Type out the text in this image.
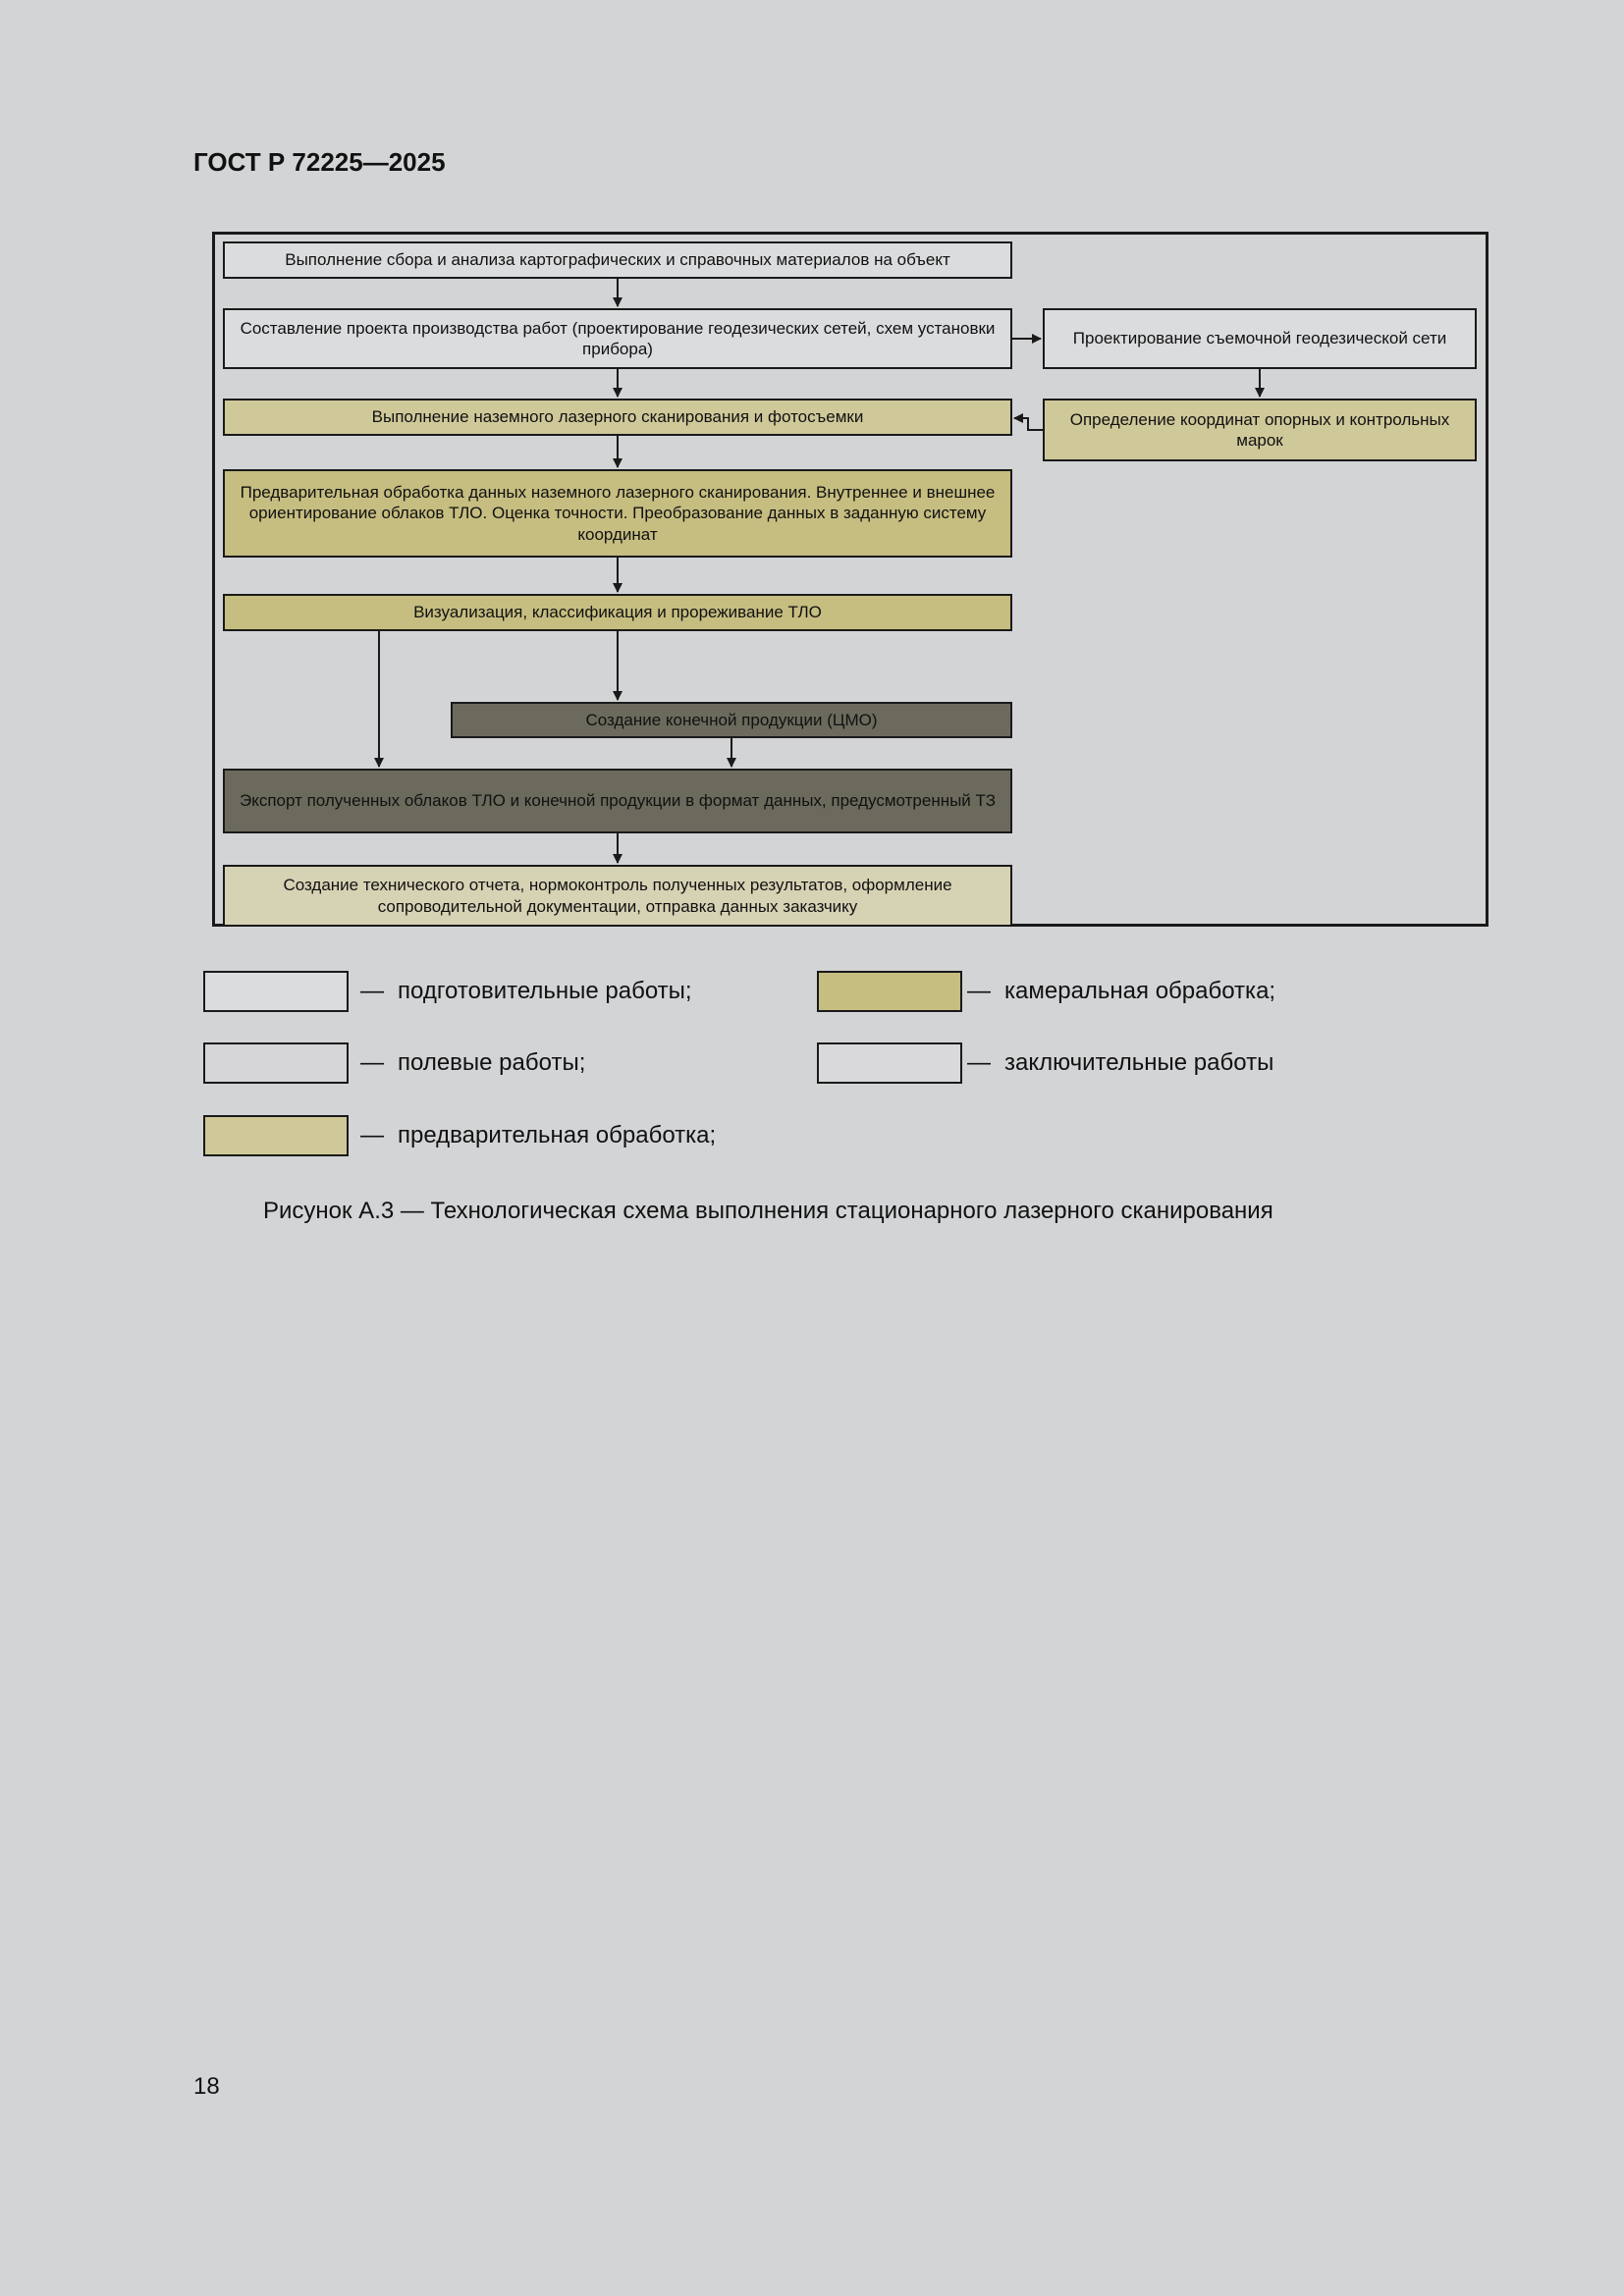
ГОСТ Р 72225—2025
Выполнение сбора и анализа картографических и справочных материалов на объект
Составление проекта производства работ (проектирование геодезических сетей, схем установки прибора)
Проектирование съемочной геодезической сети
Выполнение наземного лазерного сканирования и фотосъемки	Определение координат опорных и контрольных марок
Предварительная обработка данных наземного лазерного сканирования. Внутреннее и внешнее ориентирование облаков ТЛО. Оценка точности. Преобразование данных в заданную систему координат
Визуализация, классификация и прореживание ТЛО
Создание конечной продукции (ЦМО)
Экспорт полученных облаков ТЛО и конечной продукции в формат данных, предусмотренный ТЗ
Создание технического отчета, нормоконтроль полученных результатов, оформление сопроводительной документации, отправка данных заказчику
— подготовительные работы;	— камеральная обработка;
— полевые работы;	— заключительные работы
— предварительная обработка;
Рисунок А.3 — Технологическая схема выполнения стационарного лазерного сканирования
18
